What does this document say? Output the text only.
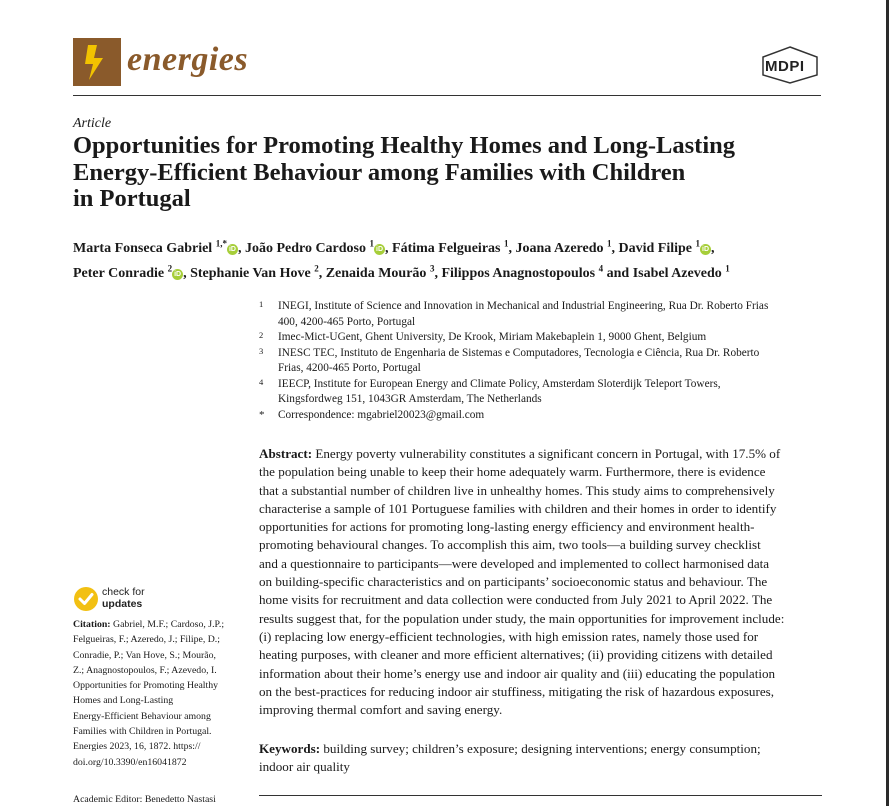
energies	MDPI
Article
Opportunities for Promoting Healthy Homes and Long-Lasting
Energy-Efficient Behaviour among Families with Children
in Portugal
Marta Fonseca Gabriel $^{1,*}$iD , João Pedro Cardoso $^1$iD , Fátima Felgueiras $^1$, Joana Azeredo $^1$, David Filipe $^1$iD ,
Peter Conradie $^2$iD , Stephanie Van Hove $^2$, Zenaida Mourão $^3$, Filippos Anagnostopoulos $^4$ and Isabel Azevedo $^1$
1 INEGI, Institute of Science and Innovation in Mechanical and Industrial Engineering, Rua Dr. Roberto Frias
400, 4200-465 Porto, Portugal
2 Imec-Mict-UGent, Ghent University, De Krook, Miriam Makebaplein 1, 9000 Ghent, Belgium
3 INESC TEC, Instituto de Engenharia de Sistemas e Computadores, Tecnologia e Ciência, Rua Dr. Roberto
Frias, 4200-465 Porto, Portugal
4 IEECP, Institute for European Energy and Climate Policy, Amsterdam Sloterdijk Teleport Towers,
Kingsfordweg 151, 1043GR Amsterdam, The Netherlands
* Correspondence: mgabriel20023@gmail.com
Abstract: Energy poverty vulnerability constitutes a significant concern in Portugal, with 17.5% of
the population being unable to keep their home adequately warm. Furthermore, there is evidence
that a substantial number of children live in unhealthy homes. This study aims to comprehensively
characterise a sample of 101 Portuguese families with children and their homes in order to identify
opportunities for actions for promoting long-lasting energy efficiency and environment health-
promoting behavioural changes. To accomplish this aim, two tools—a building survey checklist
and a questionnaire to participants—were developed and implemented to collect harmonised data
on building-specific characteristics and on participants’ socioeconomic status and behaviour. The
home visits for recruitment and data collection were conducted from July 2021 to April 2022. The
results suggest that, for the population under study, the main opportunities for improvement include:
(i) replacing low energy-efficient technologies, with high emission rates, namely those used for
heating purposes, with cleaner and more efficient alternatives; (ii) providing citizens with detailed
information about their home’s energy use and indoor air quality and (iii) educating the population
on the best-practices for reducing indoor air stuffiness, mitigating the risk of hazardous exposures,
improving thermal comfort and saving energy.
Keywords: building survey; children’s exposure; designing interventions; energy consumption;
indoor air quality
check for
updates
Citation: Gabriel, M.F.; Cardoso, J.P.;
Felgueiras, F.; Azeredo, J.; Filipe, D.;
Conradie, P.; Van Hove, S.; Mourão,
Z.; Anagnostopoulos, F.; Azevedo, I.
Opportunities for Promoting Healthy
Homes and Long-Lasting
Energy-Efficient Behaviour among
Families with Children in Portugal.
Energies 2023, 16, 1872. https://
doi.org/10.3390/en16041872
Academic Editor: Benedetto Nastasi
